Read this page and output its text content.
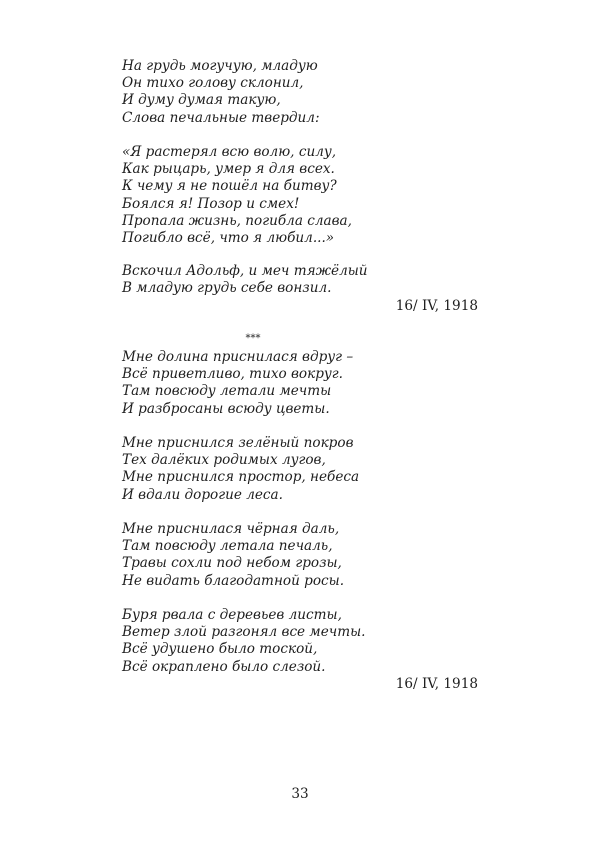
На грудь могучую, младую
Он тихо голову склонил,
И думу думая такую,
Слова печальные твердил:
«Я растерял всю волю, силу,
Как рыцарь, умер я для всех.
К чему я не пошёл на битву?
Боялся я! Позор и смех!
Пропала жизнь, погибла слава,
Погибло всё, что я любил...»
Вскочил Адольф, и меч тяжёлый
В младую грудь себе вонзил.
16/ IV, 1918
***
Мне долина приснилася вдруг –
Всё приветливо, тихо вокруг.
Там повсюду летали мечты
И разбросаны всюду цветы.
Мне приснился зелёный покров
Тех далёких родимых лугов,
Мне приснился простор, небеса
И вдали дорогие леса.
Мне приснилася чёрная даль,
Там повсюду летала печаль,
Травы сохли под небом грозы,
Не видать благодатной росы.
Буря рвала с деревьев листы,
Ветер злой разгонял все мечты.
Всё удушено было тоской,
Всё окраплено было слезой.
16/ IV, 1918
33
